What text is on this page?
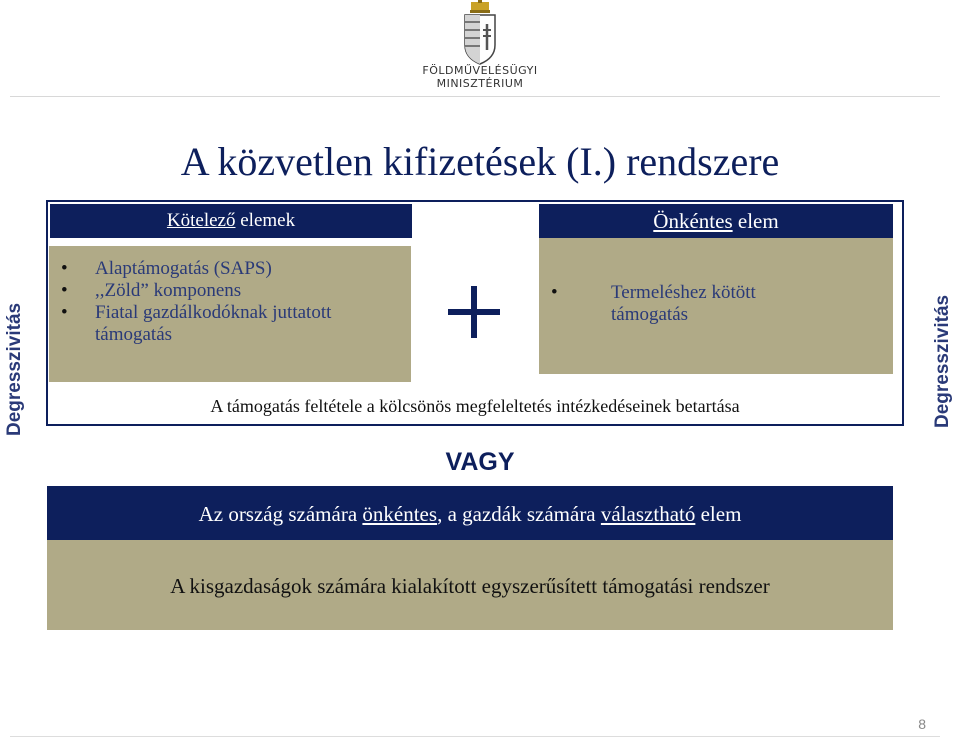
FÖLDMŰVELÉSÜGYI
MINISZTÉRIUM
A közvetlen kifizetések (I.) rendszere
Kötelező elemek	Önkéntes elem
• Alaptámogatás (SAPS)
• ,,Zöld” komponens
• Fiatal gazdálkodóknak juttatott támogatás
• Termeléshez kötött támogatás
A támogatás feltétele a kölcsönös megfeleltetés intézkedéseinek betartása
Degresszivitás	Degresszivitás
VAGY
Az ország számára önkéntes, a gazdák számára választható elem
A kisgazdaságok számára kialakított egyszerűsített támogatási rendszer
8
